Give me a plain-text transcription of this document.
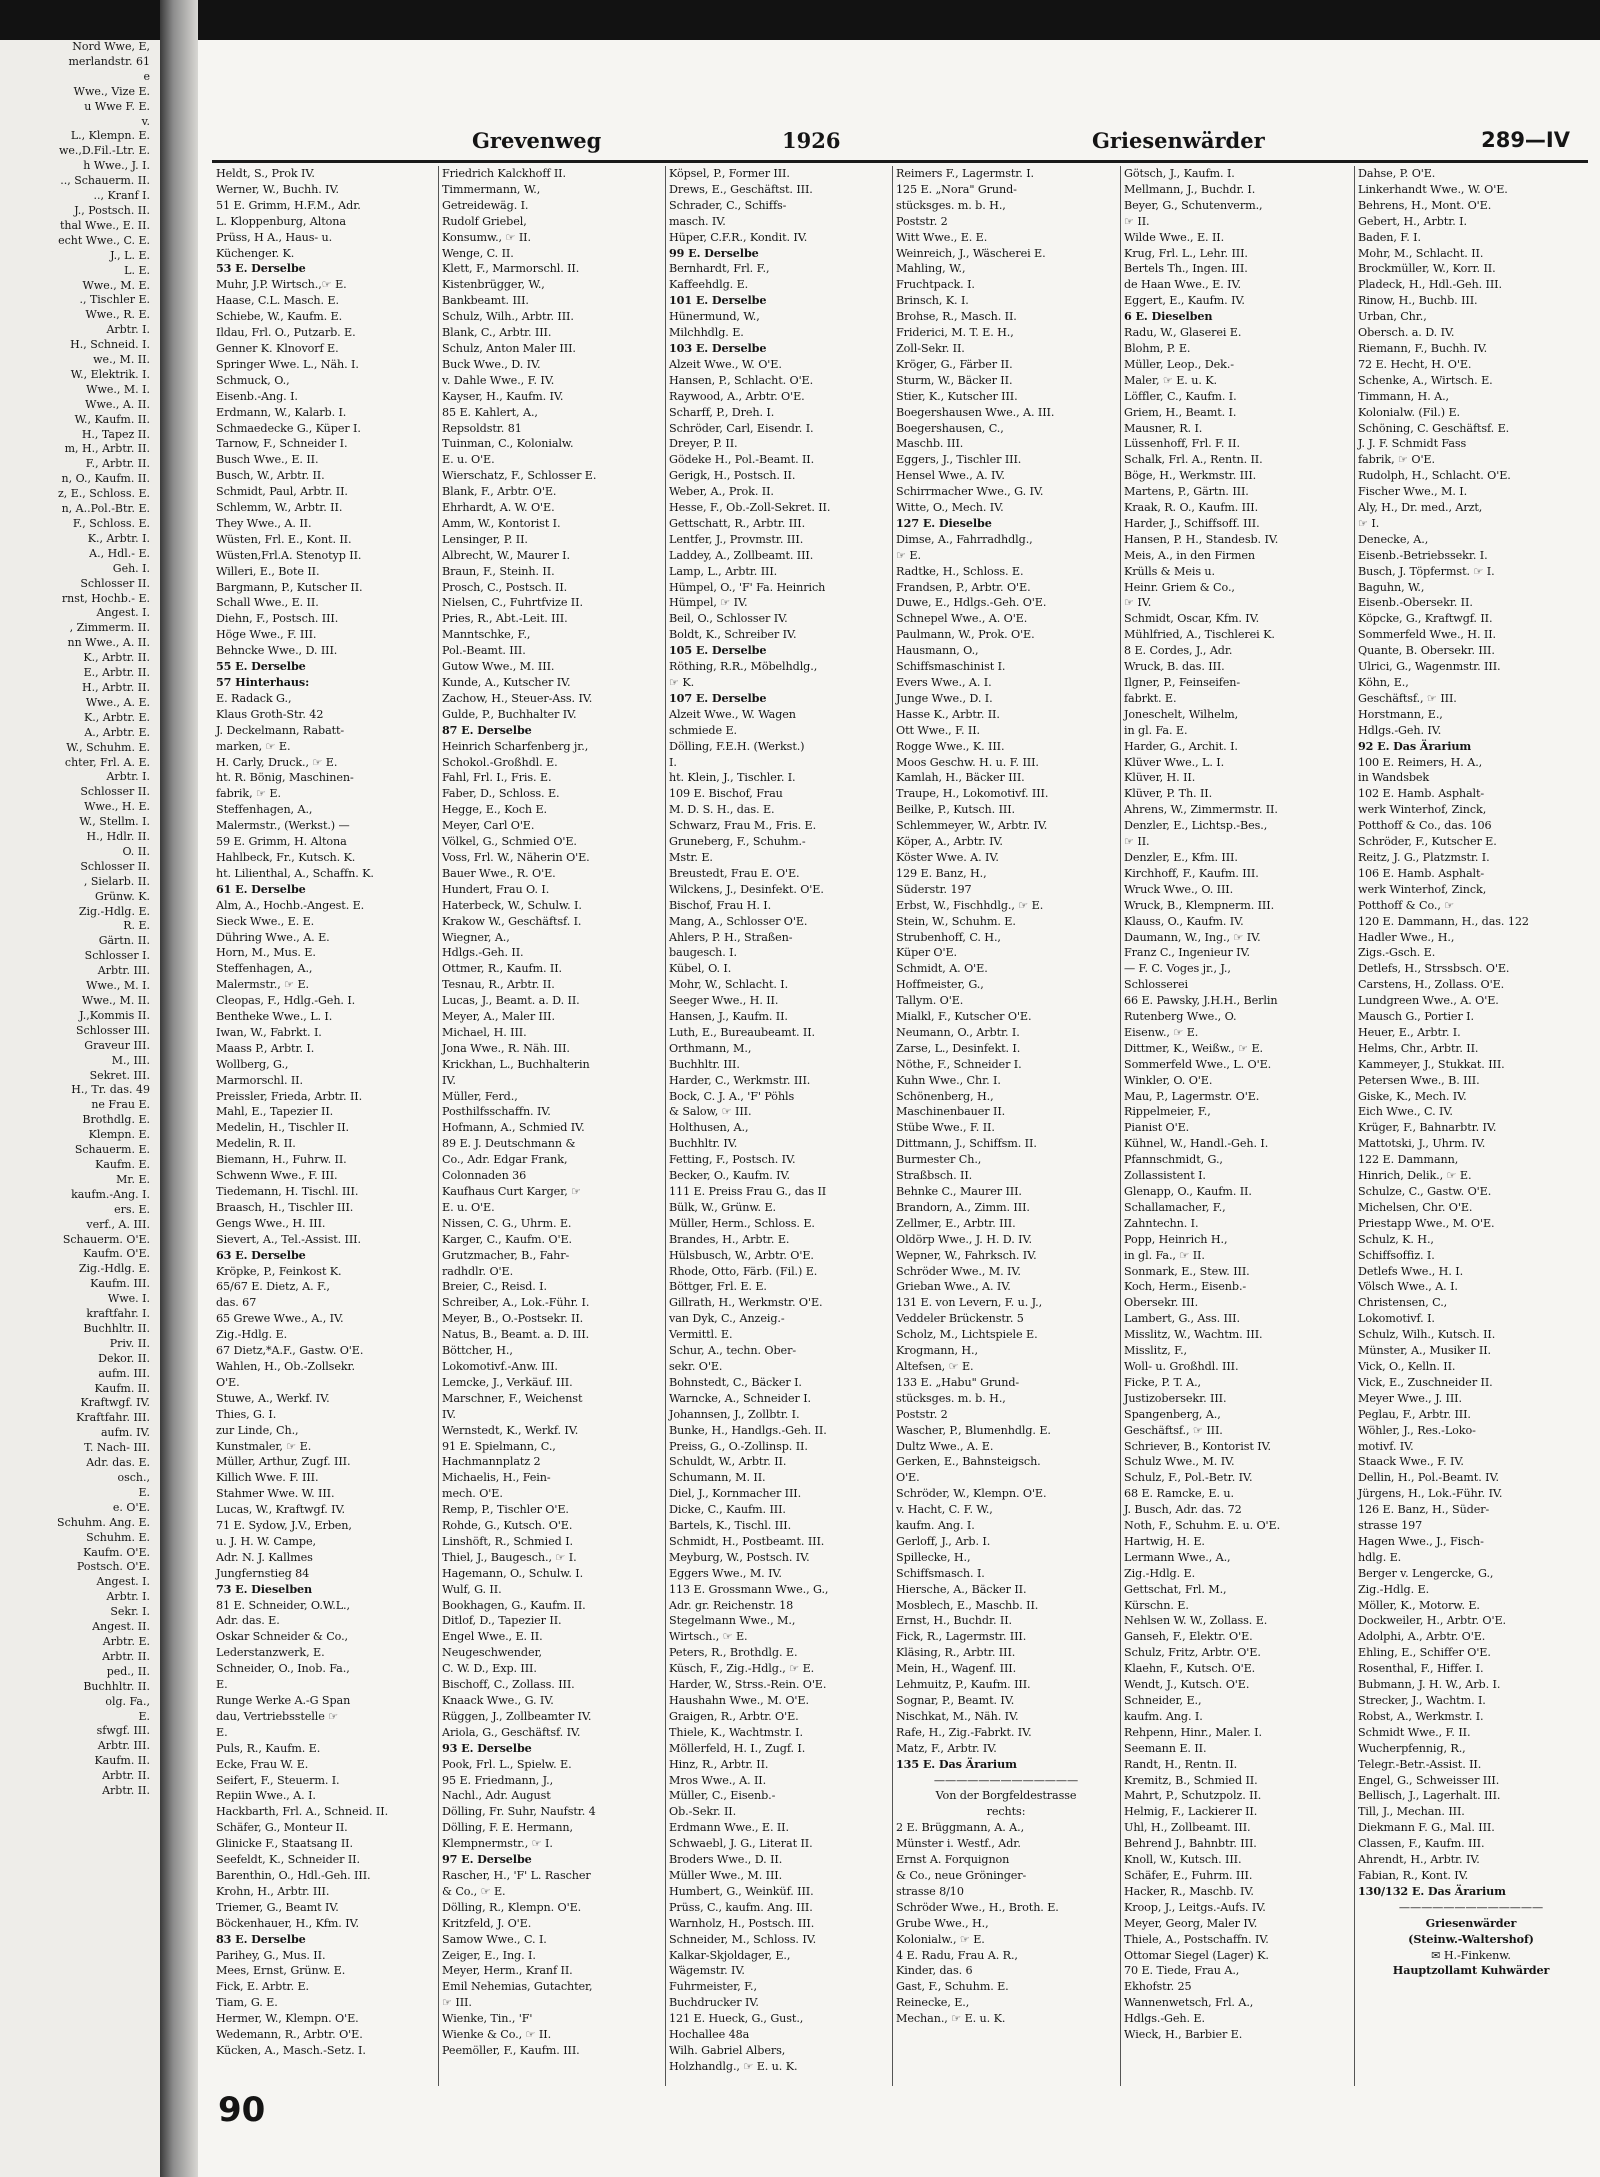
Nord Wwe, E,
merlandstr. 61
e
Wwe., Vize E.
u Wwe F. E.
v.
L., Klempn. E.
we.,D.Fil.-Ltr. E.
h Wwe., J. I.
.., Schauerm. II.
.., Kranf I.
J., Postsch. II.
thal Wwe., E. II.
echt Wwe., C. E.
J., L. E.
L. E.
Wwe., M. E.
., Tischler E.
Wwe., R. E.
Arbtr. I.
H., Schneid. I.
we., M. II.
W., Elektrik. I.
Wwe., M. I.
Wwe., A. II.
W., Kaufm. II.
H., Tapez II.
m, H., Arbtr. II.
F., Arbtr. II.
n, O., Kaufm. II.
z, E., Schloss. E.
n, A..Pol.-Btr. E.
F., Schloss. E.
K., Arbtr. I.
A., Hdl.- E.
Geh. I.
Schlosser II.
rnst, Hochb.- E.
Angest. I.
, Zimmerm. II.
nn Wwe., A. II.
K., Arbtr. II.
E., Arbtr. II.
H., Arbtr. II.
Wwe., A. E.
K., Arbtr. E.
A., Arbtr. E.
W., Schuhm. E.
chter, Frl. A. E.
Arbtr. I.
Schlosser II.
Wwe., H. E.
W., Stellm. I.
H., Hdlr. II.
O. II.
Schlosser II.
, Sielarb. II.
Grünw. K.
Zig.-Hdlg. E.
R. E.
Gärtn. II.
Schlosser I.
Arbtr. III.
Wwe., M. I.
Wwe., M. II.
J.,Kommis II.
Schlosser III.
Graveur III.
M., III.
Sekret. III.
H., Tr. das. 49
ne Frau E.
Brothdlg. E.
Klempn. E.
Schauerm. E.
Kaufm. E.
Mr. E.
kaufm.-Ang. I.
ers. E.
verf., A. III.
Schauerm. O'E.
Kaufm. O'E.
Zig.-Hdlg. E.
Kaufm. III.
Wwe. I.
kraftfahr. I.
Buchhltr. II.
Priv. II.
Dekor. II.
aufm. III.
Kaufm. II.
Kraftwgf. IV.
Kraftfahr. III.
aufm. IV.
T. Nach- III.
Adr. das. E.
osch.,
E.
e. O'E.
Schuhm. Ang. E.
Schuhm. E.
Kaufm. O'E.
Postsch. O'E.
Angest. I.
Arbtr. I.
Sekr. I.
Angest. II.
Arbtr. E.
Arbtr. II.
ped., II.
Buchhltr. II.
olg. Fa.,
E.
sfwgf. III.
Arbtr. III.
Kaufm. II.
Arbtr. II.
Arbtr. II.
Grevenweg	1926	Griesenwärder	289—IV
Heldt, S., Prok IV.
Werner, W., Buchh. IV.
51 E. Grimm, H.F.M., Adr.
L. Kloppenburg, Altona
Prüss, H A., Haus- u.
Küchenger. K.
53 E. Derselbe
Muhr, J.P. Wirtsch.,☞ E.
Haase, C.L. Masch. E.
Schiebe, W., Kaufm. E.
Ildau, Frl. O., Putzarb. E.
Genner K. Klnovorf E.
Springer Wwe. L., Näh. I.
Schmuck, O.,
Eisenb.-Ang. I.
Erdmann, W., Kalarb. I.
Schmaedecke G., Küper I.
Tarnow, F., Schneider I.
Busch Wwe., E. II.
Busch, W., Arbtr. II.
Schmidt, Paul, Arbtr. II.
Schlemm, W., Arbtr. II.
They Wwe., A. II.
Wüsten, Frl. E., Kont. II.
Wüsten,Frl.A. Stenotyp II.
Willeri, E., Bote II.
Bargmann, P., Kutscher II.
Schall Wwe., E. II.
Diehn, F., Postsch. III.
Höge Wwe., F. III.
Behncke Wwe., D. III.
55 E. Derselbe
57 Hinterhaus:
E. Radack G.,
Klaus Groth-Str. 42
J. Deckelmann, Rabatt-
marken, ☞ E.
H. Carly, Druck., ☞ E.
ht. R. Bönig, Maschinen-
fabrik, ☞ E.
Steffenhagen, A.,
Malermstr., (Werkst.) —
59 E. Grimm, H. Altona
Hahlbeck, Fr., Kutsch. K.
ht. Lilienthal, A., Schaffn. K.
61 E. Derselbe
Alm, A., Hochb.-Angest. E.
Sieck Wwe., E. E.
Dühring Wwe., A. E.
Horn, M., Mus. E.
Steffenhagen, A.,
Malermstr., ☞ E.
Cleopas, F., Hdlg.-Geh. I.
Bentheke Wwe., L. I.
Iwan, W., Fabrkt. I.
Maass P., Arbtr. I.
Wollberg, G.,
Marmorschl. II.
Preissler, Frieda, Arbtr. II.
Mahl, E., Tapezier II.
Medelin, H., Tischler II.
Medelin, R. II.
Biemann, H., Fuhrw. II.
Schwenn Wwe., F. III.
Tiedemann, H. Tischl. III.
Braasch, H., Tischler III.
Gengs Wwe., H. III.
Sievert, A., Tel.-Assist. III.
63 E. Derselbe
Kröpke, P., Feinkost K.
65/67 E. Dietz, A. F.,
das. 67
65 Grewe Wwe., A., IV.
Zig.-Hdlg. E.
67 Dietz,*A.F., Gastw. O'E.
Wahlen, H., Ob.-Zollsekr.
O'E.
Stuwe, A., Werkf. IV.
Thies, G. I.
zur Linde, Ch.,
Kunstmaler, ☞ E.
Müller, Arthur, Zugf. III.
Killich Wwe. F. III.
Stahmer Wwe. W. III.
Lucas, W., Kraftwgf. IV.
71 E. Sydow, J.V., Erben,
u. J. H. W. Campe,
Adr. N. J. Kallmes
Jungfernstieg 84
73 E. Dieselben
81 E. Schneider, O.W.L.,
Adr. das. E.
Oskar Schneider & Co.,
Lederstanzwerk, E.
Schneider, O., Inob. Fa.,
E.
Runge Werke A.-G Span
dau, Vertriebsstelle ☞
E.
Puls, R., Kaufm. E.
Ecke, Frau W. E.
Seifert, F., Steuerm. I.
Repiin Wwe., A. I.
Hackbarth, Frl. A., Schneid. II.
Schäfer, G., Monteur II.
Glinicke F., Staatsang II.
Seefeldt, K., Schneider II.
Barenthin, O., Hdl.-Geh. III.
Krohn, H., Arbtr. III.
Triemer, G., Beamt IV.
Böckenhauer, H., Kfm. IV.
83 E. Derselbe
Parihey, G., Mus. II.
Mees, Ernst, Grünw. E.
Fick, E. Arbtr. E.
Tiam, G. E.
Hermer, W., Klempn. O'E.
Wedemann, R., Arbtr. O'E.
Kücken, A., Masch.-Setz. I.
Friedrich Kalckhoff II.
Timmermann, W.,
Getreidewäg. I.
Rudolf Griebel,
Konsumw., ☞ II.
Wenge, C. II.
Klett, F., Marmorschl. II.
Kistenbrügger, W.,
Bankbeamt. III.
Schulz, Wilh., Arbtr. III.
Blank, C., Arbtr. III.
Schulz, Anton Maler III.
Buck Wwe., D. IV.
v. Dahle Wwe., F. IV.
Kayser, H., Kaufm. IV.
85 E. Kahlert, A.,
Repsoldstr. 81
Tuinman, C., Kolonialw.
E. u. O'E.
Wierschatz, F., Schlosser E.
Blank, F., Arbtr. O'E.
Ehrhardt, A. W. O'E.
Amm, W., Kontorist I.
Lensinger, P. II.
Albrecht, W., Maurer I.
Braun, F., Steinh. II.
Prosch, C., Postsch. II.
Nielsen, C., Fuhrtfvize II.
Pries, R., Abt.-Leit. III.
Manntschke, F.,
Pol.-Beamt. III.
Gutow Wwe., M. III.
Kunde, A., Kutscher IV.
Zachow, H., Steuer-Ass. IV.
Gulde, P., Buchhalter IV.
87 E. Derselbe
Heinrich Scharfenberg jr.,
Schokol.-Großhdl. E.
Fahl, Frl. I., Fris. E.
Faber, D., Schloss. E.
Hegge, E., Koch E.
Meyer, Carl O'E.
Völkel, G., Schmied O'E.
Voss, Frl. W., Näherin O'E.
Bauer Wwe., R. O'E.
Hundert, Frau O. I.
Haterbeck, W., Schulw. I.
Krakow W., Geschäftsf. I.
Wiegner, A.,
Hdlgs.-Geh. II.
Ottmer, R., Kaufm. II.
Tesnau, R., Arbtr. II.
Lucas, J., Beamt. a. D. II.
Meyer, A., Maler III.
Michael, H. III.
Jona Wwe., R. Näh. III.
Krickhan, L., Buchhalterin
IV.
Müller, Ferd.,
Posthilfsschaffn. IV.
Hofmann, A., Schmied IV.
89 E. J. Deutschmann &
Co., Adr. Edgar Frank,
Colonnaden 36
Kaufhaus Curt Karger, ☞
E. u. O'E.
Nissen, C. G., Uhrm. E.
Karger, C., Kaufm. O'E.
Grutzmacher, B., Fahr-
radhdlr. O'E.
Breier, C., Reisd. I.
Schreiber, A., Lok.-Führ. I.
Meyer, B., O.-Postsekr. II.
Natus, B., Beamt. a. D. III.
Böttcher, H.,
Lokomotivf.-Anw. III.
Lemcke, J., Verkäuf. III.
Marschner, F., Weichenst
IV.
Wernstedt, K., Werkf. IV.
91 E. Spielmann, C.,
Hachmannplatz 2
Michaelis, H., Fein-
mech. O'E.
Remp, P., Tischler O'E.
Rohde, G., Kutsch. O'E.
Linshöft, R., Schmied I.
Thiel, J., Baugesch., ☞ I.
Hagemann, O., Schulw. I.
Wulf, G. II.
Bookhagen, G., Kaufm. II.
Ditlof, D., Tapezier II.
Engel Wwe., E. II.
Neugeschwender,
C. W. D., Exp. III.
Bischoff, C., Zollass. III.
Knaack Wwe., G. IV.
Rüggen, J., Zollbeamter IV.
Ariola, G., Geschäftsf. IV.
93 E. Derselbe
Pook, Frl. L., Spielw. E.
95 E. Friedmann, J.,
Nachl., Adr. August
Dölling, Fr. Suhr, Naufstr. 4
Dölling, F. E. Hermann,
Klempnermstr., ☞ I.
97 E. Derselbe
Rascher, H., 'F' L. Rascher
& Co., ☞ E.
Dölling, R., Klempn. O'E.
Kritzfeld, J. O'E.
Samow Wwe., C. I.
Zeiger, E., Ing. I.
Meyer, Herm., Kranf II.
Emil Nehemias, Gutachter,
☞ III.
Wienke, Tin., 'F'
Wienke & Co., ☞ II.
Peemöller, F., Kaufm. III.
Köpsel, P., Former III.
Drews, E., Geschäftst. III.
Schrader, C., Schiffs-
masch. IV.
Hüper, C.F.R., Kondit. IV.
99 E. Derselbe
Bernhardt, Frl. F.,
Kaffeehdlg. E.
101 E. Derselbe
Hünermund, W.,
Milchhdlg. E.
103 E. Derselbe
Alzeit Wwe., W. O'E.
Hansen, P., Schlacht. O'E.
Raywood, A., Arbtr. O'E.
Scharff, P., Dreh. I.
Schröder, Carl, Eisendr. I.
Dreyer, P. II.
Gödeke H., Pol.-Beamt. II.
Gerigk, H., Postsch. II.
Weber, A., Prok. II.
Hesse, F., Ob.-Zoll-Sekret. II.
Gettschatt, R., Arbtr. III.
Lentfer, J., Provmstr. III.
Laddey, A., Zollbeamt. III.
Lamp, L., Arbtr. III.
Hümpel, O., 'F' Fa. Heinrich
Hümpel, ☞ IV.
Beil, O., Schlosser IV.
Boldt, K., Schreiber IV.
105 E. Derselbe
Röthing, R.R., Möbelhdlg.,
☞ K.
107 E. Derselbe
Alzeit Wwe., W. Wagen
schmiede E.
Dölling, F.E.H. (Werkst.)
I.
ht. Klein, J., Tischler. I.
109 E. Bischof, Frau
M. D. S. H., das. E.
Schwarz, Frau M., Fris. E.
Gruneberg, F., Schuhm.-
Mstr. E.
Breustedt, Frau E. O'E.
Wilckens, J., Desinfekt. O'E.
Bischof, Frau H. I.
Mang, A., Schlosser O'E.
Ahlers, P. H., Straßen-
baugesch. I.
Kübel, O. I.
Mohr, W., Schlacht. I.
Seeger Wwe., H. II.
Hansen, J., Kaufm. II.
Luth, E., Bureaubeamt. II.
Orthmann, M.,
Buchhltr. III.
Harder, C., Werkmstr. III.
Bock, C. J. A., 'F' Pöhls
& Salow, ☞ III.
Holthusen, A.,
Buchhltr. IV.
Fetting, F., Postsch. IV.
Becker, O., Kaufm. IV.
111 E. Preiss Frau G., das II
Bülk, W., Grünw. E.
Müller, Herm., Schloss. E.
Brandes, H., Arbtr. E.
Hülsbusch, W., Arbtr. O'E.
Rhode, Otto, Färb. (Fil.) E.
Böttger, Frl. E. E.
Gillrath, H., Werkmstr. O'E.
van Dyk, C., Anzeig.-
Vermittl. E.
Schur, A., techn. Ober-
sekr. O'E.
Bohnstedt, C., Bäcker I.
Warncke, A., Schneider I.
Johannsen, J., Zollbtr. I.
Bunke, H., Handlgs.-Geh. II.
Preiss, G., O.-Zollinsp. II.
Schuldt, W., Arbtr. II.
Schumann, M. II.
Diel, J., Kornmacher III.
Dicke, C., Kaufm. III.
Bartels, K., Tischl. III.
Schmidt, H., Postbeamt. III.
Meyburg, W., Postsch. IV.
Eggers Wwe., M. IV.
113 E. Grossmann Wwe., G.,
Adr. gr. Reichenstr. 18
Stegelmann Wwe., M.,
Wirtsch., ☞ E.
Peters, R., Brothdlg. E.
Küsch, F., Zig.-Hdlg., ☞ E.
Harder, W., Strss.-Rein. O'E.
Haushahn Wwe., M. O'E.
Graigen, R., Arbtr. O'E.
Thiele, K., Wachtmstr. I.
Möllerfeld, H. I., Zugf. I.
Hinz, R., Arbtr. II.
Mros Wwe., A. II.
Müller, C., Eisenb.-
Ob.-Sekr. II.
Erdmann Wwe., E. II.
Schwaebl, J. G., Literat II.
Broders Wwe., D. II.
Müller Wwe., M. III.
Humbert, G., Weinküf. III.
Prüss, C., kaufm. Ang. III.
Warnholz, H., Postsch. III.
Schneider, M., Schloss. IV.
Kalkar-Skjoldager, E.,
Wägemstr. IV.
Fuhrmeister, F.,
Buchdrucker IV.
121 E. Hueck, G., Gust.,
Hochallee 48a
Wilh. Gabriel Albers,
Holzhandlg., ☞ E. u. K.
Reimers F., Lagermstr. I.
125 E. „Nora" Grund-
stücksges. m. b. H.,
Poststr. 2
Witt Wwe., E. E.
Weinreich, J., Wäscherei E.
Mahling, W.,
Fruchtpack. I.
Brinsch, K. I.
Brohse, R., Masch. II.
Friderici, M. T. E. H.,
Zoll-Sekr. II.
Kröger, G., Färber II.
Sturm, W., Bäcker II.
Stier, K., Kutscher III.
Boegershausen Wwe., A. III.
Boegershausen, C.,
Maschb. III.
Eggers, J., Tischler III.
Hensel Wwe., A. IV.
Schirrmacher Wwe., G. IV.
Witte, O., Mech. IV.
127 E. Dieselbe
Dimse, A., Fahrradhdlg.,
☞ E.
Radtke, H., Schloss. E.
Frandsen, P., Arbtr. O'E.
Duwe, E., Hdlgs.-Geh. O'E.
Schnepel Wwe., A. O'E.
Paulmann, W., Prok. O'E.
Hausmann, O.,
Schiffsmaschinist I.
Evers Wwe., A. I.
Junge Wwe., D. I.
Hasse K., Arbtr. II.
Ott Wwe., F. II.
Rogge Wwe., K. III.
Moos Geschw. H. u. F. III.
Kamlah, H., Bäcker III.
Traupe, H., Lokomotivf. III.
Beilke, P., Kutsch. III.
Schlemmeyer, W., Arbtr. IV.
Köper, A., Arbtr. IV.
Köster Wwe. A. IV.
129 E. Banz, H.,
Süderstr. 197
Erbst, W., Fischhdlg., ☞ E.
Stein, W., Schuhm. E.
Strubenhoff, C. H.,
Küper O'E.
Schmidt, A. O'E.
Hoffmeister, G.,
Tallym. O'E.
Mialkl, F., Kutscher O'E.
Neumann, O., Arbtr. I.
Zarse, L., Desinfekt. I.
Nöthe, F., Schneider I.
Kuhn Wwe., Chr. I.
Schönenberg, H.,
Maschinenbauer II.
Stübe Wwe., F. II.
Dittmann, J., Schiffsm. II.
Burmester Ch.,
Straßbsch. II.
Behnke C., Maurer III.
Brandorn, A., Zimm. III.
Zellmer, E., Arbtr. III.
Oldörp Wwe., J. H. D. IV.
Wepner, W., Fahrksch. IV.
Schröder Wwe., M. IV.
Grieban Wwe., A. IV.
131 E. von Levern, F. u. J.,
Veddeler Brückenstr. 5
Scholz, M., Lichtspiele E.
Krogmann, H.,
Altefsen, ☞ E.
133 E. „Habu" Grund-
stücksges. m. b. H.,
Poststr. 2
Wascher, P., Blumenhdlg. E.
Dultz Wwe., A. E.
Gerken, E., Bahnsteigsch.
O'E.
Schröder, W., Klempn. O'E.
v. Hacht, C. F. W.,
kaufm. Ang. I.
Gerloff, J., Arb. I.
Spillecke, H.,
Schiffsmasch. I.
Hiersche, A., Bäcker II.
Mosblech, E., Maschb. II.
Ernst, H., Buchdr. II.
Fick, R., Lagermstr. III.
Kläsing, R., Arbtr. III.
Mein, H., Wagenf. III.
Lehmuitz, P., Kaufm. III.
Sognar, P., Beamt. IV.
Nischkat, M., Näh. IV.
Rafe, H., Zig.-Fabrkt. IV.
Matz, F., Arbtr. IV.
135 E. Das Ärarium
—————————————
Von der Borgfeldestrasse
rechts:
2 E. Brüggmann, A. A.,
Münster i. Westf., Adr.
Ernst A. Forquignon
& Co., neue Gröninger-
strasse 8/10
Schröder Wwe., H., Broth. E.
Grube Wwe., H.,
Kolonialw., ☞ E.
4 E. Radu, Frau A. R.,
Kinder, das. 6
Gast, F., Schuhm. E.
Reinecke, E.,
Mechan., ☞ E. u. K.
Götsch, J., Kaufm. I.
Mellmann, J., Buchdr. I.
Beyer, G., Schutenverm.,
☞ II.
Wilde Wwe., E. II.
Krug, Frl. L., Lehr. III.
Bertels Th., Ingen. III.
de Haan Wwe., E. IV.
Eggert, E., Kaufm. IV.
6 E. Dieselben
Radu, W., Glaserei E.
Blohm, P. E.
Müller, Leop., Dek.-
Maler, ☞ E. u. K.
Löffler, C., Kaufm. I.
Griem, H., Beamt. I.
Mausner, R. I.
Lüssenhoff, Frl. F. II.
Schalk, Frl. A., Rentn. II.
Böge, H., Werkmstr. III.
Martens, P., Gärtn. III.
Kraak, R. O., Kaufm. III.
Harder, J., Schiffsoff. III.
Hansen, P. H., Standesb. IV.
Meis, A., in den Firmen
Krülls & Meis u.
Heinr. Griem & Co.,
☞ IV.
Schmidt, Oscar, Kfm. IV.
Mühlfried, A., Tischlerei K.
8 E. Cordes, J., Adr.
Wruck, B. das. III.
Ilgner, P., Feinseifen-
fabrkt. E.
Joneschelt, Wilhelm,
in gl. Fa. E.
Harder, G., Archit. I.
Klüver Wwe., L. I.
Klüver, H. II.
Klüver, P. Th. II.
Ahrens, W., Zimmermstr. II.
Denzler, E., Lichtsp.-Bes.,
☞ II.
Denzler, E., Kfm. III.
Kirchhoff, F., Kaufm. III.
Wruck Wwe., O. III.
Wruck, B., Klempnerm. III.
Klauss, O., Kaufm. IV.
Daumann, W., Ing., ☞ IV.
Franz C., Ingenieur IV.
— F. C. Voges jr., J.,
Schlosserei
66 E. Pawsky, J.H.H., Berlin
Rutenberg Wwe., O.
Eisenw., ☞ E.
Dittmer, K., Weißw., ☞ E.
Sommerfeld Wwe., L. O'E.
Winkler, O. O'E.
Mau, P., Lagermstr. O'E.
Rippelmeier, F.,
Pianist O'E.
Kühnel, W., Handl.-Geh. I.
Pfannschmidt, G.,
Zollassistent I.
Glenapp, O., Kaufm. II.
Schallamacher, F.,
Zahntechn. I.
Popp, Heinrich H.,
in gl. Fa., ☞ II.
Sonmark, E., Stew. III.
Koch, Herm., Eisenb.-
Obersekr. III.
Lambert, G., Ass. III.
Misslitz, W., Wachtm. III.
Misslitz, F.,
Woll- u. Großhdl. III.
Ficke, P. T. A.,
Justizobersekr. III.
Spangenberg, A.,
Geschäftsf., ☞ III.
Schriever, B., Kontorist IV.
Schulz Wwe., M. IV.
Schulz, F., Pol.-Betr. IV.
68 E. Ramcke, E. u.
J. Busch, Adr. das. 72
Noth, F., Schuhm. E. u. O'E.
Hartwig, H. E.
Lermann Wwe., A.,
Zig.-Hdlg. E.
Gettschat, Frl. M.,
Kürschn. E.
Nehlsen W. W., Zollass. E.
Ganseh, F., Elektr. O'E.
Schulz, Fritz, Arbtr. O'E.
Klaehn, F., Kutsch. O'E.
Wendt, J., Kutsch. O'E.
Schneider, E.,
kaufm. Ang. I.
Rehpenn, Hinr., Maler. I.
Seemann E. II.
Randt, H., Rentn. II.
Kremitz, B., Schmied II.
Mahrt, P., Schutzpolz. II.
Helmig, F., Lackierer II.
Uhl, H., Zollbeamt. III.
Behrend J., Bahnbtr. III.
Knoll, W., Kutsch. III.
Schäfer, E., Fuhrm. III.
Hacker, R., Maschb. IV.
Kroop, J., Leitgs.-Aufs. IV.
Meyer, Georg, Maler IV.
Thiele, A., Postschaffn. IV.
Ottomar Siegel (Lager) K.
70 E. Tiede, Frau A.,
Ekhofstr. 25
Wannenwetsch, Frl. A.,
Hdlgs.-Geh. E.
Wieck, H., Barbier E.
Dahse, P. O'E.
Linkerhandt Wwe., W. O'E.
Behrens, H., Mont. O'E.
Gebert, H., Arbtr. I.
Baden, F. I.
Mohr, M., Schlacht. II.
Brockmüller, W., Korr. II.
Pladeck, H., Hdl.-Geh. III.
Rinow, H., Buchb. III.
Urban, Chr.,
Obersch. a. D. IV.
Riemann, F., Buchh. IV.
72 E. Hecht, H. O'E.
Schenke, A., Wirtsch. E.
Timmann, H. A.,
Kolonialw. (Fil.) E.
Schöning, C. Geschäftsf. E.
J. J. F. Schmidt Fass
fabrik, ☞ O'E.
Rudolph, H., Schlacht. O'E.
Fischer Wwe., M. I.
Aly, H., Dr. med., Arzt,
☞ I.
Denecke, A.,
Eisenb.-Betriebssekr. I.
Busch, J. Töpfermst. ☞ I.
Baguhn, W.,
Eisenb.-Obersekr. II.
Köpcke, G., Kraftwgf. II.
Sommerfeld Wwe., H. II.
Quante, B. Obersekr. III.
Ulrici, G., Wagenmstr. III.
Köhn, E.,
Geschäftsf., ☞ III.
Horstmann, E.,
Hdlgs.-Geh. IV.
92 E. Das Ärarium
100 E. Reimers, H. A.,
in Wandsbek
102 E. Hamb. Asphalt-
werk Winterhof, Zinck,
Potthoff & Co., das. 106
Schröder, F., Kutscher E.
Reitz, J. G., Platzmstr. I.
106 E. Hamb. Asphalt-
werk Winterhof, Zinck,
Potthoff & Co., ☞
120 E. Dammann, H., das. 122
Hadler Wwe., H.,
Zigs.-Gsch. E.
Detlefs, H., Strssbsch. O'E.
Carstens, H., Zollass. O'E.
Lundgreen Wwe., A. O'E.
Mausch G., Portier I.
Heuer, E., Arbtr. I.
Helms, Chr., Arbtr. II.
Kammeyer, J., Stukkat. III.
Petersen Wwe., B. III.
Giske, K., Mech. IV.
Eich Wwe., C. IV.
Krüger, F., Bahnarbtr. IV.
Mattotski, J., Uhrm. IV.
122 E. Dammann,
Hinrich, Delik., ☞ E.
Schulze, C., Gastw. O'E.
Michelsen, Chr. O'E.
Priestapp Wwe., M. O'E.
Schulz, K. H.,
Schiffsoffiz. I.
Detlefs Wwe., H. I.
Völsch Wwe., A. I.
Christensen, C.,
Lokomotivf. I.
Schulz, Wilh., Kutsch. II.
Münster, A., Musiker II.
Vick, O., Kelln. II.
Vick, E., Zuschneider II.
Meyer Wwe., J. III.
Peglau, F., Arbtr. III.
Wöhler, J., Res.-Loko-
motivf. IV.
Staack Wwe., F. IV.
Dellin, H., Pol.-Beamt. IV.
Jürgens, H., Lok.-Führ. IV.
126 E. Banz, H., Süder-
strasse 197
Hagen Wwe., J., Fisch-
hdlg. E.
Berger v. Lengercke, G.,
Zig.-Hdlg. E.
Möller, K., Motorw. E.
Dockweiler, H., Arbtr. O'E.
Adolphi, A., Arbtr. O'E.
Ehling, E., Schiffer O'E.
Rosenthal, F., Hiffer. I.
Bubmann, J. H. W., Arb. I.
Strecker, J., Wachtm. I.
Robst, A., Werkmstr. I.
Schmidt Wwe., F. II.
Wucherpfennig, R.,
Telegr.-Betr.-Assist. II.
Engel, G., Schweisser III.
Bellisch, J., Lagerhalt. III.
Till, J., Mechan. III.
Diekmann F. G., Mal. III.
Classen, F., Kaufm. III.
Ahrendt, H., Arbtr. IV.
Fabian, R., Kont. IV.
130/132 E. Das Ärarium
—————————————
Griesenwärder
(Steinw.-Waltershof)
✉ H.-Finkenw.
Hauptzollamt Kuhwärder
90
